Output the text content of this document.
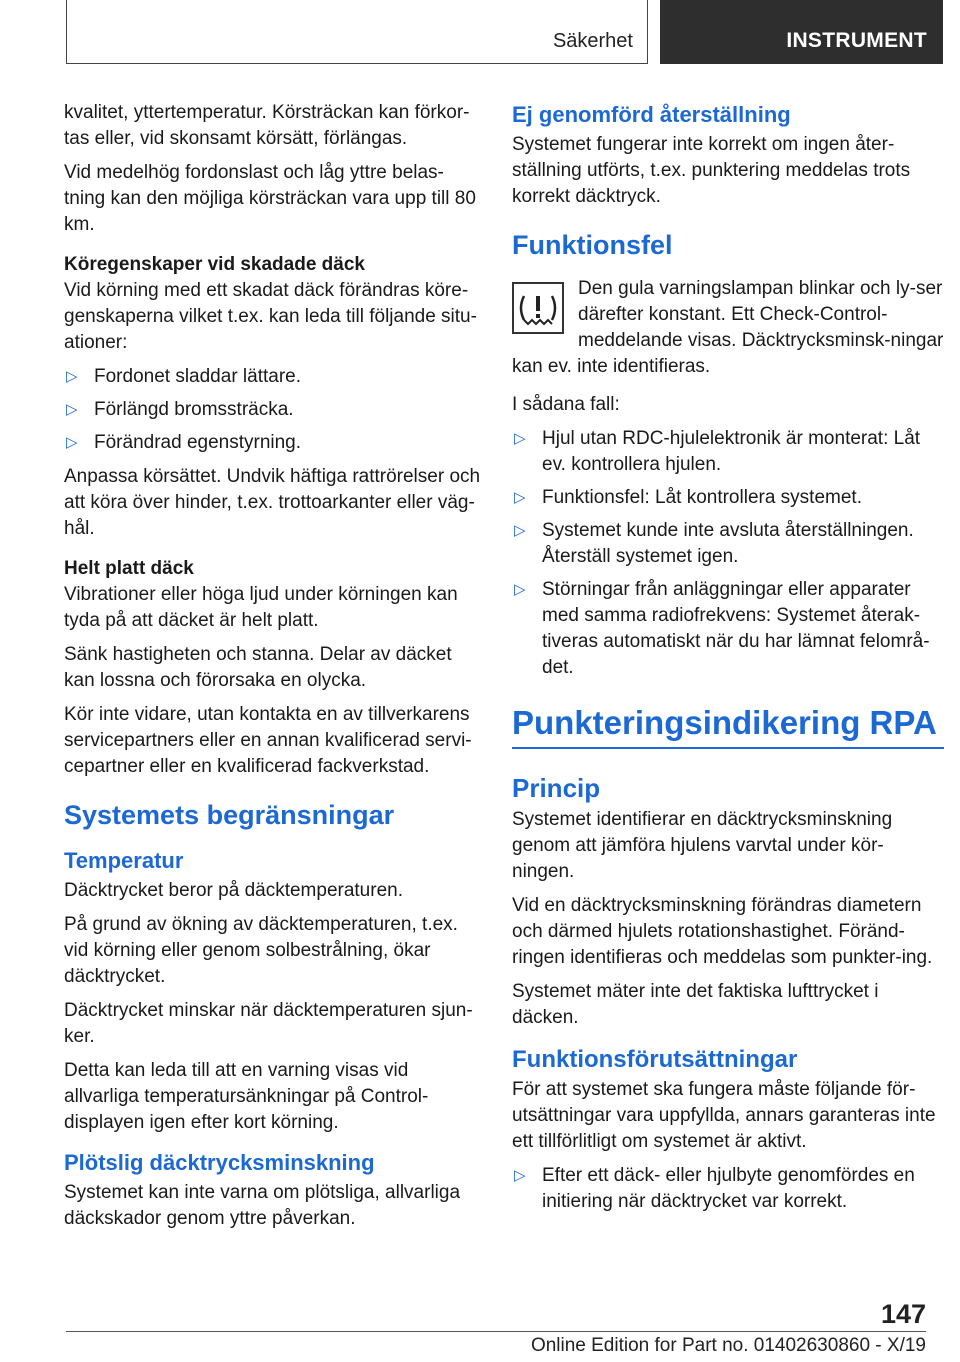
Säkerhet	INSTRUMENT

kvalitet, yttertemperatur. Körsträckan kan förkor-tas eller, vid skonsamt körsätt, förlängas.

Vid medelhög fordonslast och låg yttre belas-tning kan den möjliga körsträckan vara upp till 80 km.

Köregenskaper vid skadade däck

Vid körning med ett skadat däck förändras köre-genskaperna vilket t.ex. kan leda till följande situ-ationer:

▷ Fordonet sladdar lättare.
▷ Förlängd bromssträcka.
▷ Förändrad egenstyrning.

Anpassa körsättet. Undvik häftiga rattrörelser och att köra över hinder, t.ex. trottoarkanter eller väg-hål.

Helt platt däck

Vibrationer eller höga ljud under körningen kan tyda på att däcket är helt platt.

Sänk hastigheten och stanna. Delar av däcket kan lossna och förorsaka en olycka.

Kör inte vidare, utan kontakta en av tillverkarens servicepartners eller en annan kvalificerad servi-cepartner eller en kvalificerad fackverkstad.

Systemets begränsningar
Temperatur

Däcktrycket beror på däcktemperaturen.

På grund av ökning av däcktemperaturen, t.ex. vid körning eller genom solbestrålning, ökar däcktrycket.

Däcktrycket minskar när däcktemperaturen sjun-ker.

Detta kan leda till att en varning visas vid allvarliga temperatursänkningar på Control-displayen igen efter kort körning.

Plötslig däcktrycksminskning

Systemet kan inte varna om plötsliga, allvarliga däckskador genom yttre påverkan.

Ej genomförd återställning

Systemet fungerar inte korrekt om ingen åter-ställning utförts, t.ex. punktering meddelas trots korrekt däcktryck.

Funktionsfel

Den gula varningslampan blinkar och ly-ser därefter konstant. Ett Check-Control-meddelande visas. Däcktrycksminsk-ningar kan ev. inte identifieras.

I sådana fall:

▷ Hjul utan RDC-hjulelektronik är monterat: Låt ev. kontrollera hjulen.
▷ Funktionsfel: Låt kontrollera systemet.
▷ Systemet kunde inte avsluta återställningen. Återställ systemet igen.
▷ Störningar från anläggningar eller apparater med samma radiofrekvens: Systemet återak-tiveras automatiskt när du har lämnat felområ-det.
Punkteringsindikering RPA
Princip

Systemet identifierar en däcktrycksminskning genom att jämföra hjulens varvtal under kör-ningen.

Vid en däcktrycksminskning förändras diametern och därmed hjulets rotationshastighet. Föränd-ringen identifieras och meddelas som punkter-ing.

Systemet mäter inte det faktiska lufttrycket i däcken.

Funktionsförutsättningar

För att systemet ska fungera måste följande för-utsättningar vara uppfyllda, annars garanteras inte ett tillförlitligt om systemet är aktivt.

▷ Efter ett däck- eller hjulbyte genomfördes en initiering när däcktrycket var korrekt.
147
Online Edition for Part no. 01402630860 - X/19
